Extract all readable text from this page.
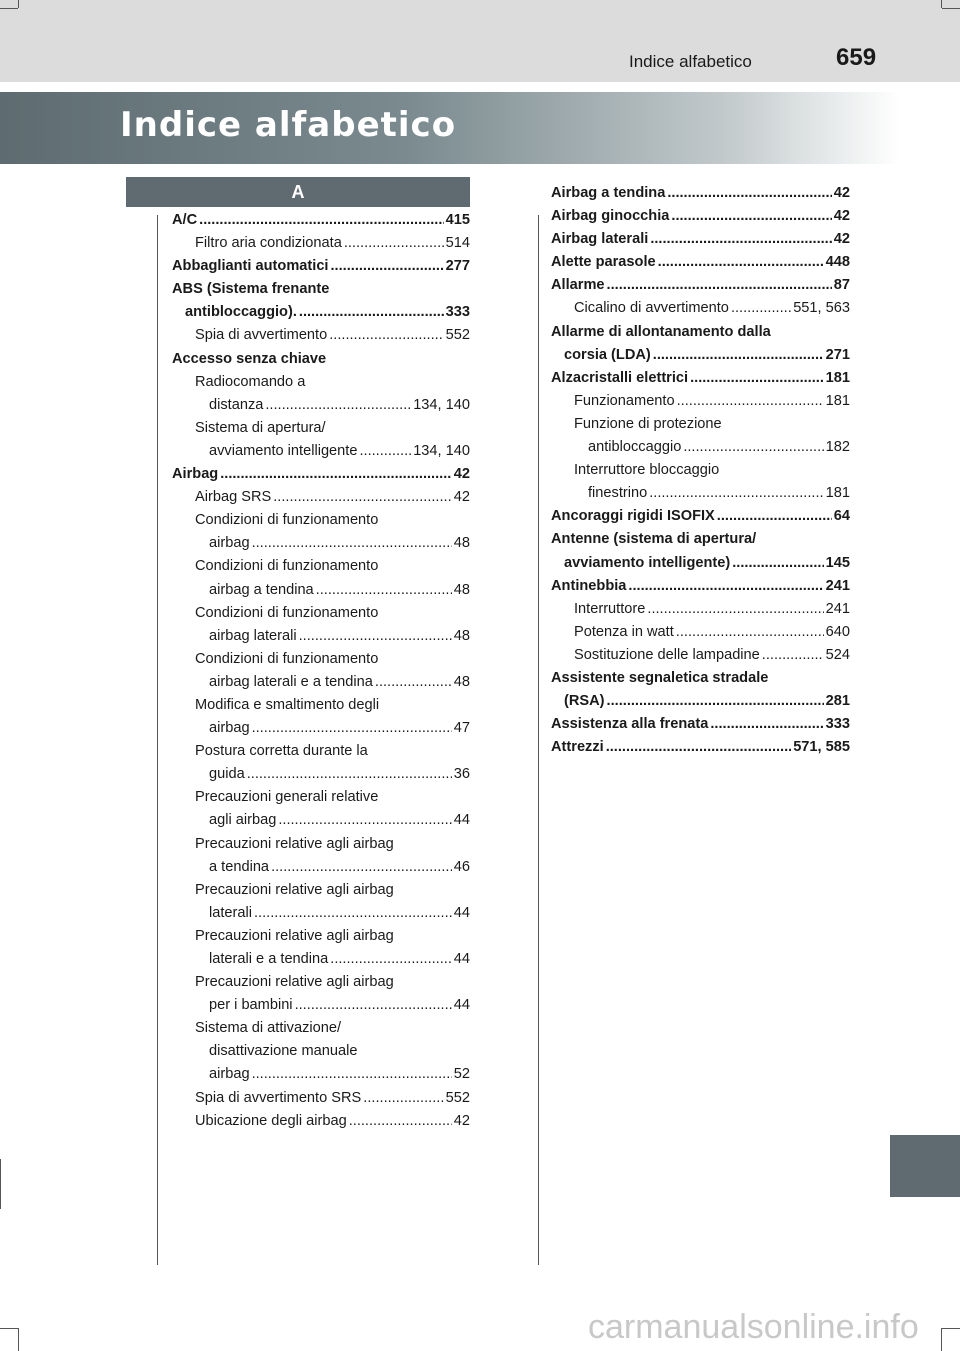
Indice alfabetico	659
Indice alfabetico
A
A/C .....	415
Filtro aria condizionata .....	514
Abbaglianti automatici .....	277
ABS (Sistema frenante
antibloccaggio). .....	333
Spia di avvertimento .....	552
Accesso senza chiave
Radiocomando a
distanza .....	134, 140
Sistema di apertura/
avviamento intelligente .....	134, 140
Airbag .....	42
Airbag SRS .....	42
Condizioni di funzionamento
airbag .....	48
Condizioni di funzionamento
airbag a tendina .....	48
Condizioni di funzionamento
airbag laterali .....	48
Condizioni di funzionamento
airbag laterali e a tendina .....	48
Modifica e smaltimento degli
airbag .....	47
Postura corretta durante la
guida .....	36
Precauzioni generali relative
agli airbag .....	44
Precauzioni relative agli airbag
a tendina .....	46
Precauzioni relative agli airbag
laterali .....	44
Precauzioni relative agli airbag
laterali e a tendina .....	44
Precauzioni relative agli airbag
per i bambini .....	44
Sistema di attivazione/
disattivazione manuale
airbag .....	52
Spia di avvertimento SRS .....	552
Ubicazione degli airbag .....	42
Airbag a tendina .....	42
Airbag ginocchia .....	42
Airbag laterali .....	42
Alette parasole .....	448
Allarme .....	87
Cicalino di avvertimento .....	551, 563
Allarme di allontanamento dalla
corsia (LDA) .....	271
Alzacristalli elettrici .....	181
Funzionamento .....	181
Funzione di protezione
antibloccaggio .....	182
Interruttore bloccaggio
finestrino .....	181
Ancoraggi rigidi ISOFIX .....	64
Antenne (sistema di apertura/
avviamento intelligente) .....	145
Antinebbia .....	241
Interruttore .....	241
Potenza in watt .....	640
Sostituzione delle lampadine .....	524
Assistente segnaletica stradale
(RSA) .....	281
Assistenza alla frenata .....	333
Attrezzi .....	571, 585
carmanualsonline.info
